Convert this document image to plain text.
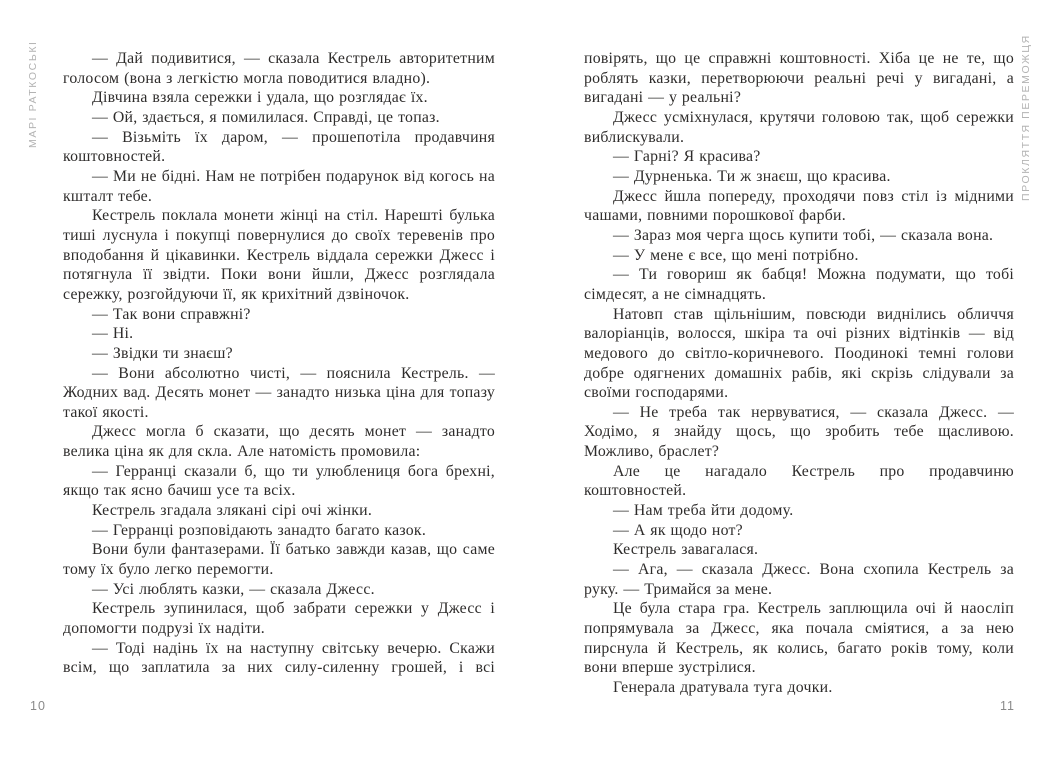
МАРІ РАТКОСЬКІ	ПРОКЛЯТТЯ ПЕРЕМОЖЦЯ

— Дай подивитися, — сказала Кестрель авторитетним голосом (вона з легкістю могла поводитися владно).

Дівчина взяла сережки і удала, що розглядає їх.

— Ой, здається, я помилилася. Справді, це топаз.

— Візьміть їх даром, — прошепотіла продавчиня коштовностей.

— Ми не бідні. Нам не потрібен подарунок від когось на кшталт тебе.

Кестрель поклала монети жінці на стіл. Нарешті булька тиші луснула і покупці повернулися до своїх теревенів про вподобання й цікавинки. Кестрель віддала сережки Джесс і потягнула її звідти. Поки вони йшли, Джесс розглядала сережку, розгойдуючи її, як крихітний дзвіночок.

— Так вони справжні?

— Ні.

— Звідки ти знаєш?

— Вони абсолютно чисті, — пояснила Кестрель. — Жодних вад. Десять монет — занадто низька ціна для топазу такої якості.

Джесс могла б сказати, що десять монет — занадто велика ціна як для скла. Але натомість промовила:

— Герранці сказали б, що ти улюблениця бога брехні, якщо так ясно бачиш усе та всіх.

Кестрель згадала злякані сірі очі жінки.

— Герранці розповідають занадто багато казок.

Вони були фантазерами. Її батько завжди казав, що саме тому їх було легко перемогти.

— Усі люблять казки, — сказала Джесс.

Кестрель зупинилася, щоб забрати сережки у Джесс і допомогти подрузі їх надіти.

— Тоді надінь їх на наступну світську вечерю. Скажи всім, що заплатила за них силу-силенну грошей, і всі

повірять, що це справжні коштовності. Хіба це не те, що роблять казки, перетворюючи реальні речі у вигадані, а вигадані — у реальні?

Джесс усміхнулася, крутячи головою так, щоб сережки виблискували.

— Гарні? Я красива?

— Дурненька. Ти ж знаєш, що красива.

Джесс йшла попереду, проходячи повз стіл із мідними чашами, повними порошкової фарби.

— Зараз моя черга щось купити тобі, — сказала вона.

— У мене є все, що мені потрібно.

— Ти говориш як бабця! Можна подумати, що тобі сімдесят, а не сімнадцять.

Натовп став щільнішим, повсюди виднілись обличчя валоріанців, волосся, шкіра та очі різних відтінків — від медового до світло-коричневого. Поодинокі темні голови добре одягнених домашніх рабів, які скрізь слідували за своїми господарями.

— Не треба так нервуватися, — сказала Джесс. — Ходімо, я знайду щось, що зробить тебе щасливою. Можливо, браслет?

Але це нагадало Кестрель про продавчиню коштовностей.

— Нам треба йти додому.

— А як щодо нот?

Кестрель завагалася.

— Ага, — сказала Джесс. Вона схопила Кестрель за руку. — Тримайся за мене.

Це була стара гра. Кестрель заплющила очі й наосліп попрямувала за Джесс, яка почала сміятися, а за нею пирснула й Кестрель, як колись, багато років тому, коли вони вперше зустрілися.

Генерала дратувала туга дочки.

10	11
